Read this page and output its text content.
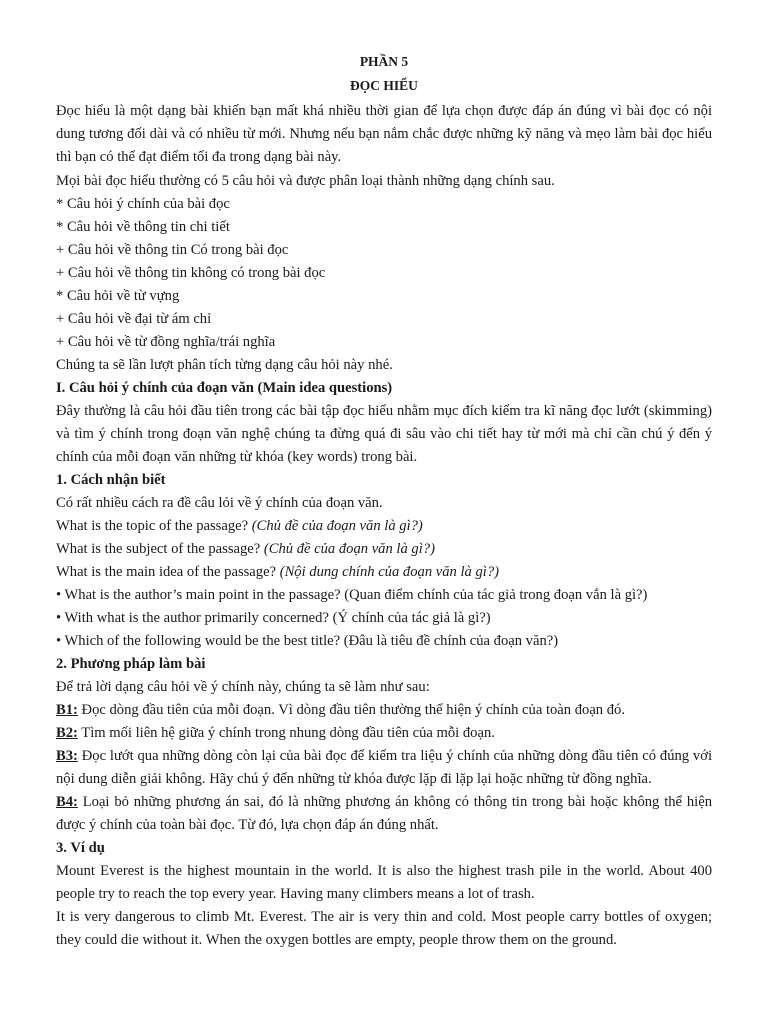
PHẦN 5

ĐỌC HIỂU

Đọc hiểu là một dạng bài khiến bạn mất khá nhiều thời gian để lựa chọn được đáp án đúng vì bài đọc có nội dung tương đối dài và có nhiều từ mới. Nhưng nếu bạn nắm chắc được những kỹ năng và mẹo làm bài đọc hiểu thì bạn có thể đạt điểm tối đa trong dạng bài này.

Mọi bài đọc hiểu thường có 5 câu hỏi và được phân loại thành những dạng chính sau.

* Câu hỏi ý chính của bài đọc

* Câu hỏi về thông tin chi tiết

+ Câu hỏi về thông tin Có trong bài đọc

+ Câu hỏi về thông tin không có trong bài đọc

* Câu hỏi về từ vựng

+ Câu hỏi về đại từ ám chỉ

+ Câu hỏi về từ đồng nghĩa/trái nghĩa

Chúng ta sẽ lần lượt phân tích từng dạng câu hỏi này nhé.

I. Câu hỏi ý chính của đoạn văn (Main idea questions)

Đây thường là câu hỏi đầu tiên trong các bài tập đọc hiểu nhằm mục đích kiểm tra kĩ năng đọc lướt (skimming) và tìm ý chính trong đoạn văn nghệ chúng ta đừng quá đi sâu vào chi tiết hay từ mới mà chỉ cần chú ý đến ý chính của mỗi đoạn văn những từ khóa (key words) trong bài.

1. Cách nhận biết

Có rất nhiều cách ra đề câu lỏi về ý chính của đoạn văn.

What is the topic of the passage? (Chủ đề của đoạn văn là gì?)

What is the subject of the passage? (Chủ đề của đoạn văn là gì?)

What is the main idea of the passage? (Nội dung chính của đoạn văn là gì?)

• What is the author’s main point in the passage? (Quan điểm chính của tác giả trong đoạn vắn là gì?)

• With what is the author primarily concerned? (Ý chính của tác giả là gì?)

• Which of the following would be the best title? (Đâu là tiêu đề chính của đoạn văn?)

2. Phương pháp làm bài

Để trả lời dạng câu hỏi về ý chính này, chúng ta sẽ làm như sau:

B1: Đọc dòng đầu tiên của mỗi đoạn. Vì dòng đầu tiên thường thể hiện ý chính của toàn đoạn đó.

B2: Tìm mối liên hệ giữa ý chính trong nhung dòng đầu tiên của mỗi đoạn.

B3: Đọc lướt qua những dòng còn lại của bài đọc để kiểm tra liệu ý chính của những dòng đầu tiên có đúng với nội dung diễn giải không. Hãy chú ý đến những từ khóa được lặp đi lặp lại hoặc những từ đồng nghĩa.

B4: Loại bỏ những phương án sai, đó là những phương án không có thông tin trong bài hoặc không thể hiện được ý chính của toàn bài đọc. Từ đó, lựa chọn đáp án đúng nhất.

3. Ví dụ

Mount Everest is the highest mountain in the world. It is also the highest trash pile in the world. About 400 people try to reach the top every year. Having many climbers means a lot of trash.

It is very dangerous to climb Mt. Everest. The air is very thin and cold. Most people carry bottles of oxygen; they could die without it. When the oxygen bottles are empty, people throw them on the ground.
